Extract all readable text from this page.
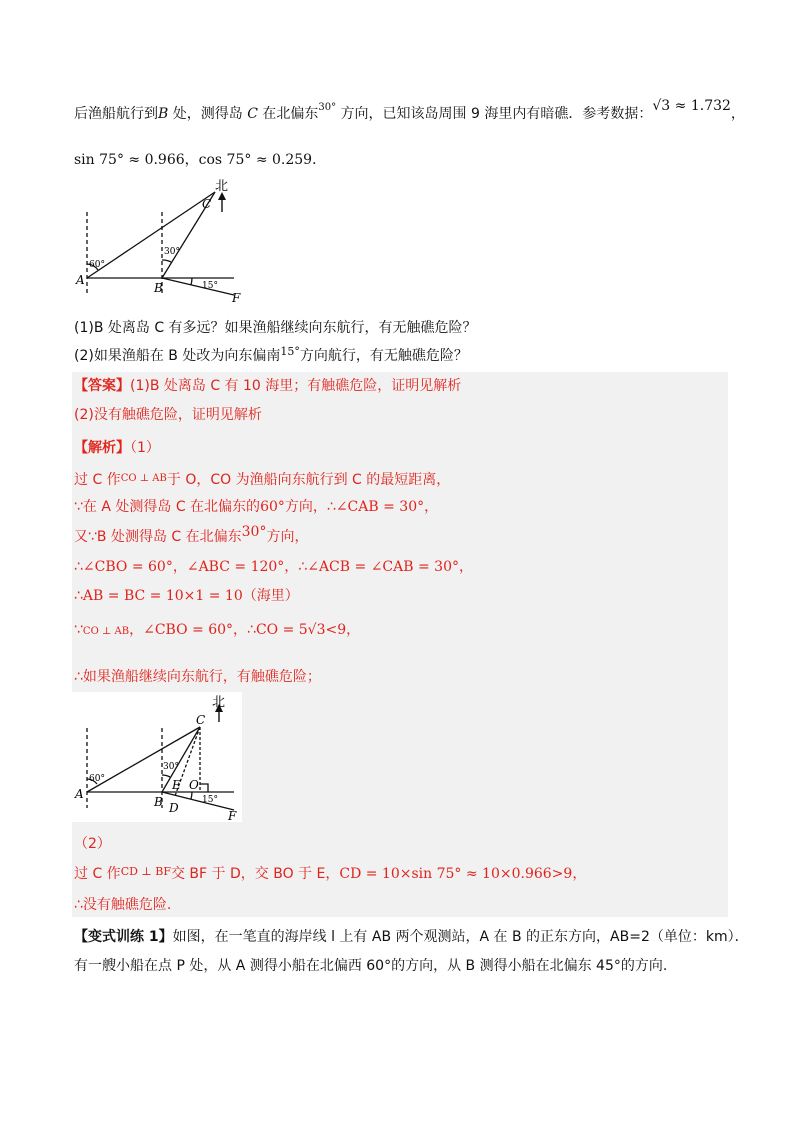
后渔船航行到B 处，测得岛 C 在北偏东$^{30^\circ}$ 方向，已知该岛周围 9 海里内有暗礁．参考数据：√3 ≈ 1.732，
sin 75° ≈ 0.966，cos 75° ≈ 0.259．
北
A
B
C
F
60°
30°
15°
(1)B 处离岛 C 有多远？如果渔船继续向东航行，有无触礁危险？
(2)如果渔船在 B 处改为向东偏南$^{15^\circ}$方向航行，有无触礁危险？
【答案】(1)B 处离岛 C 有 10 海里；有触礁危险，证明见解析
(2)没有触礁危险，证明见解析
【解析】（1）
过 C 作$^{CO \perp AB}$于 O，CO 为渔船向东航行到 C 的最短距离，
∵在 A 处测得岛 C 在北偏东的60°方向，∴∠CAB = 30°，
又∵B 处测得岛 C 在北偏东30°方向，
∴∠CBO = 60°，∠ABC = 120°，∴∠ACB = ∠CAB = 30°，
∴AB = BC = 10×1 = 10（海里）
∵CO ⊥ AB，∠CBO = 60°，∴CO = 5√3<9，
∴如果渔船继续向东航行，有触礁危险；
北
A
B
C
D
E O
F
60°
30°
15°
（2）
过 C 作$^{CD \perp BF}$交 BF 于 D，交 BO 于 E，CD = 10×sin 75° ≈ 10×0.966>9，
∴没有触礁危险.
【变式训练 1】如图，在一笔直的海岸线 l 上有 AB 两个观测站，A 在 B 的正东方向，AB=2（单位：km）．
有一艘小船在点 P 处，从 A 测得小船在北偏西 60°的方向，从 B 测得小船在北偏东 45°的方向.
